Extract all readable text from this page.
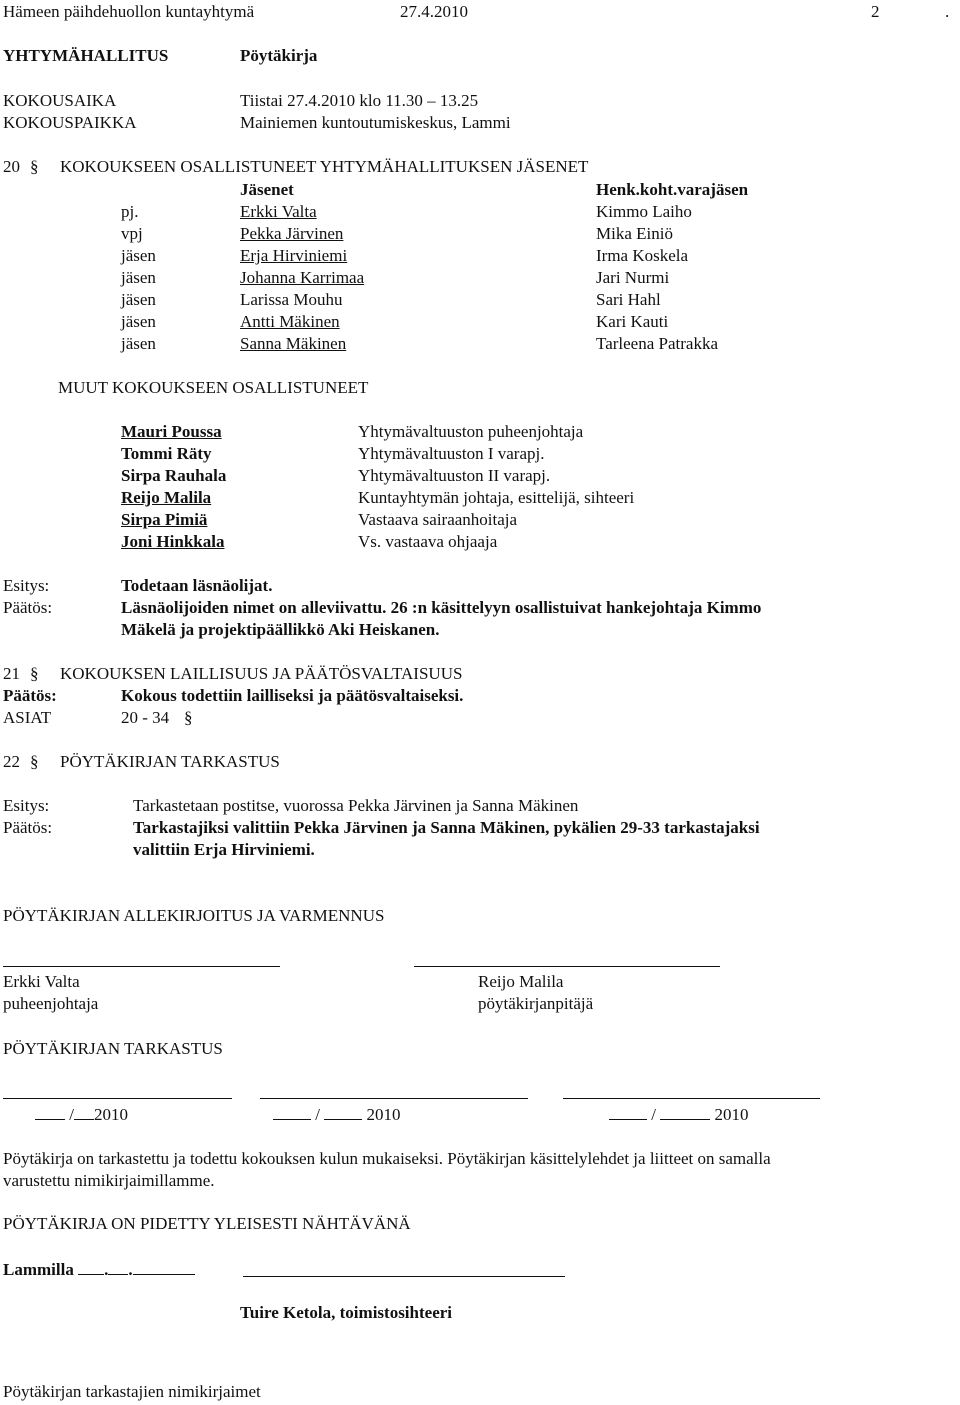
Hämeen päihdehuollon kuntayhtymä	27.4.2010	2	.
YHTYMÄHALLITUS	Pöytäkirja
KOKOUSAIKA	Tiistai 27.4.2010 klo 11.30 – 13.25
KOKOUSPAIKKA	Mainiemen kuntoutumiskeskus, Lammi
20 § KOKOUKSEEN OSALLISTUNEET YHTYMÄHALLITUKSEN JÄSENET
Jäsenet	Henk.koht.varajäsen
pj.	Erkki Valta	Kimmo Laiho
vpj	Pekka Järvinen	Mika Einiö
jäsen	Erja Hirviniemi	Irma Koskela
jäsen	Johanna Karrimaa	Jari Nurmi
jäsen	Larissa Mouhu	Sari Hahl
jäsen	Antti Mäkinen	Kari Kauti
jäsen	Sanna Mäkinen	Tarleena Patrakka
MUUT KOKOUKSEEN OSALLISTUNEET
Mauri Poussa	Yhtymävaltuuston puheenjohtaja
Tommi Räty	Yhtymävaltuuston I varapj.
Sirpa Rauhala	Yhtymävaltuuston II varapj.
Reijo Malila	Kuntayhtymän johtaja, esittelijä, sihteeri
Sirpa Pimiä	Vastaava sairaanhoitaja
Joni Hinkkala	Vs. vastaava ohjaaja
Esitys:	Todetaan läsnäolijat.
Päätös:	Läsnäolijoiden nimet on alleviivattu. 26 :n käsittelyyn osallistuivat hankejohtaja Kimmo
Mäkelä ja projektipäällikkö Aki Heiskanen.
21 § KOKOUKSEN LAILLISUUS JA PÄÄTÖSVALTAISUUS
Päätös:	Kokous todettiin lailliseksi ja päätösvaltaiseksi.
ASIAT	20 - 34 §
22 § PÖYTÄKIRJAN TARKASTUS
Esitys:	Tarkastetaan postitse, vuorossa Pekka Järvinen ja Sanna Mäkinen
Päätös:	Tarkastajiksi valittiin Pekka Järvinen ja Sanna Mäkinen, pykälien 29-33 tarkastajaksi
valittiin Erja Hirviniemi.
PÖYTÄKIRJAN ALLEKIRJOITUS JA VARMENNUS
Erkki Valta	Reijo Malila
puheenjohtaja	pöytäkirjanpitäjä
PÖYTÄKIRJAN TARKASTUS
/ 2010	/	2010	/	2010
Pöytäkirja on tarkastettu ja todettu kokouksen kulun mukaiseksi. Pöytäkirjan käsittelylehdet ja liitteet on samalla
varustettu nimikirjaimillamme.
PÖYTÄKIRJA ON PIDETTY YLEISESTI NÄHTÄVÄNÄ
Lammilla . .
Tuire Ketola, toimistosihteeri
Pöytäkirjan tarkastajien nimikirjaimet
